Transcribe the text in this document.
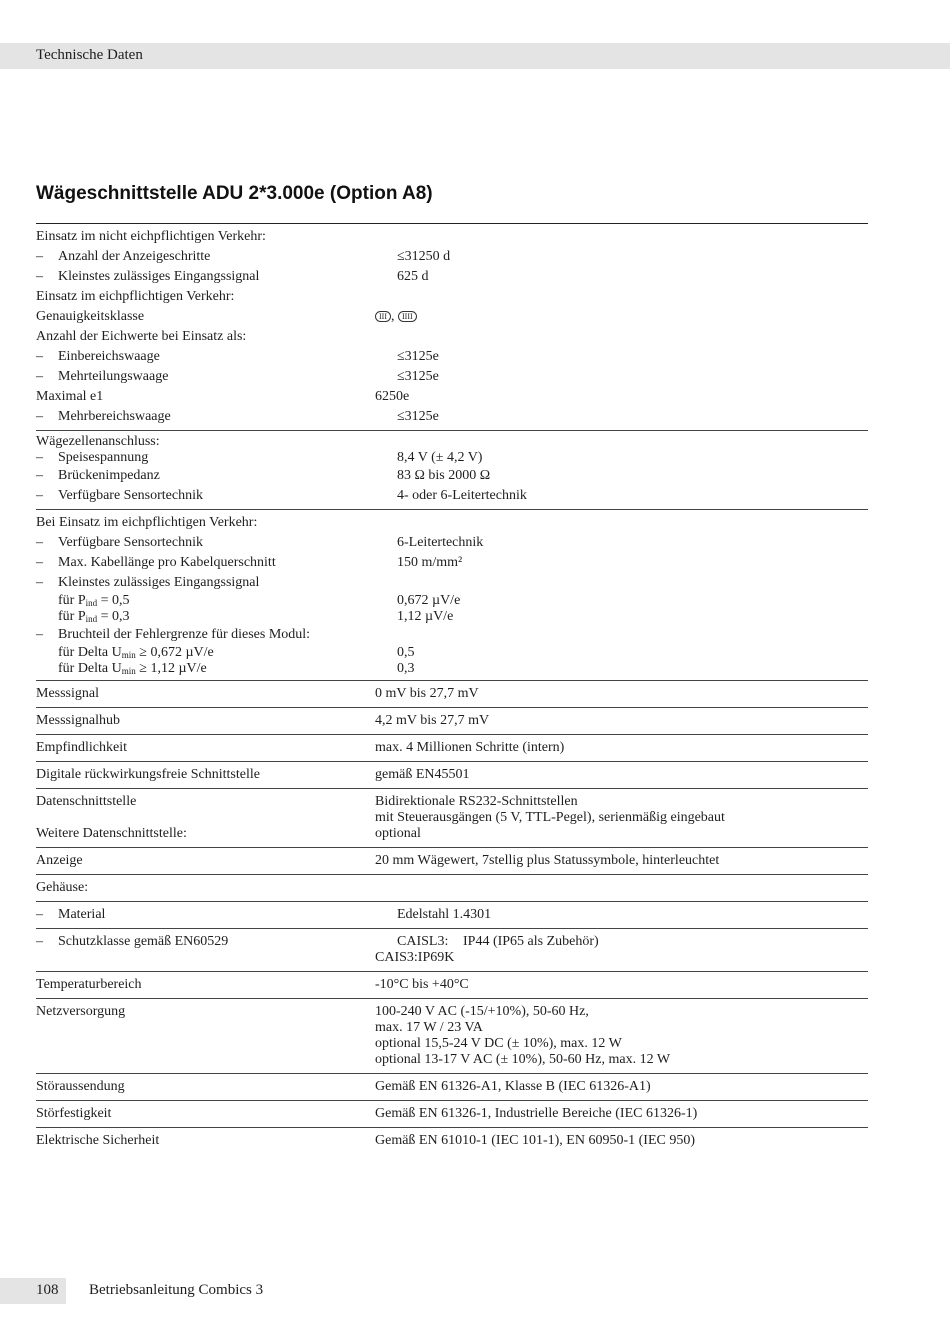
Technische Daten
Wägeschnittstelle ADU 2*3.000e (Option A8)
Einsatz im nicht eichpflichtigen Verkehr:
– Anzahl der Anzeigeschritte	≤31250 d
– Kleinstes zulässiges Eingangssignal	625 d
Einsatz im eichpflichtigen Verkehr:
Genauigkeitsklasse	III , IIII
Anzahl der Eichwerte bei Einsatz als:
– Einbereichswaage	≤3125e
– Mehrteilungswaage	≤3125e
Maximal e1	6250e
– Mehrbereichswaage	≤3125e
Wägezellenanschluss:
– Speisespannung	8,4 V (± 4,2 V)
– Brückenimpedanz	83 Ω bis 2000 Ω
– Verfügbare Sensortechnik	4- oder 6-Leitertechnik
Bei Einsatz im eichpflichtigen Verkehr:
– Verfügbare Sensortechnik	6-Leitertechnik
– Max. Kabellänge pro Kabelquerschnitt	150 m/mm²
– Kleinstes zulässiges Eingangssignal
für $P_{ind} = 0,5$	0,672 µV/e
für $P_{ind} = 0,3$	1,12 µV/e
– Bruchteil der Fehlergrenze für dieses Modul:
für Delta $U_{min} \ge 0,672$ µV/e	0,5
für Delta $U_{min} \ge 1,12$ µV/e	0,3
Messsignal	0 mV bis 27,7 mV
Messsignalhub	4,2 mV bis 27,7 mV
Empfindlichkeit	max. 4 Millionen Schritte (intern)
Digitale rückwirkungsfreie Schnittstelle	gemäß EN45501
Datenschnittstelle	Bidirektionale RS232-Schnittstellen
mit Steuerausgängen (5 V, TTL-Pegel), serienmäßig eingebaut
Weitere Datenschnittstelle:	optional
Anzeige	20 mm Wägewert, 7stellig plus Statussymbole, hinterleuchtet
Gehäuse:
– Material	Edelstahl 1.4301
– Schutzklasse gemäß EN60529	CAISL3: IP44 (IP65 als Zubehör)
CAIS3:IP69K
Temperaturbereich	-10°C bis +40°C
Netzversorgung	100-240 V AC (-15/+10%), 50-60 Hz,
max. 17 W / 23 VA
optional 15,5-24 V DC (± 10%), max. 12 W
optional 13-17 V AC (± 10%), 50-60 Hz, max. 12 W
Störaussendung	Gemäß EN 61326-A1, Klasse B (IEC 61326-A1)
Störfestigkeit	Gemäß EN 61326-1, Industrielle Bereiche (IEC 61326-1)
Elektrische Sicherheit	Gemäß EN 61010-1 (IEC 101-1), EN 60950-1 (IEC 950)
108 Betriebsanleitung Combics 3
